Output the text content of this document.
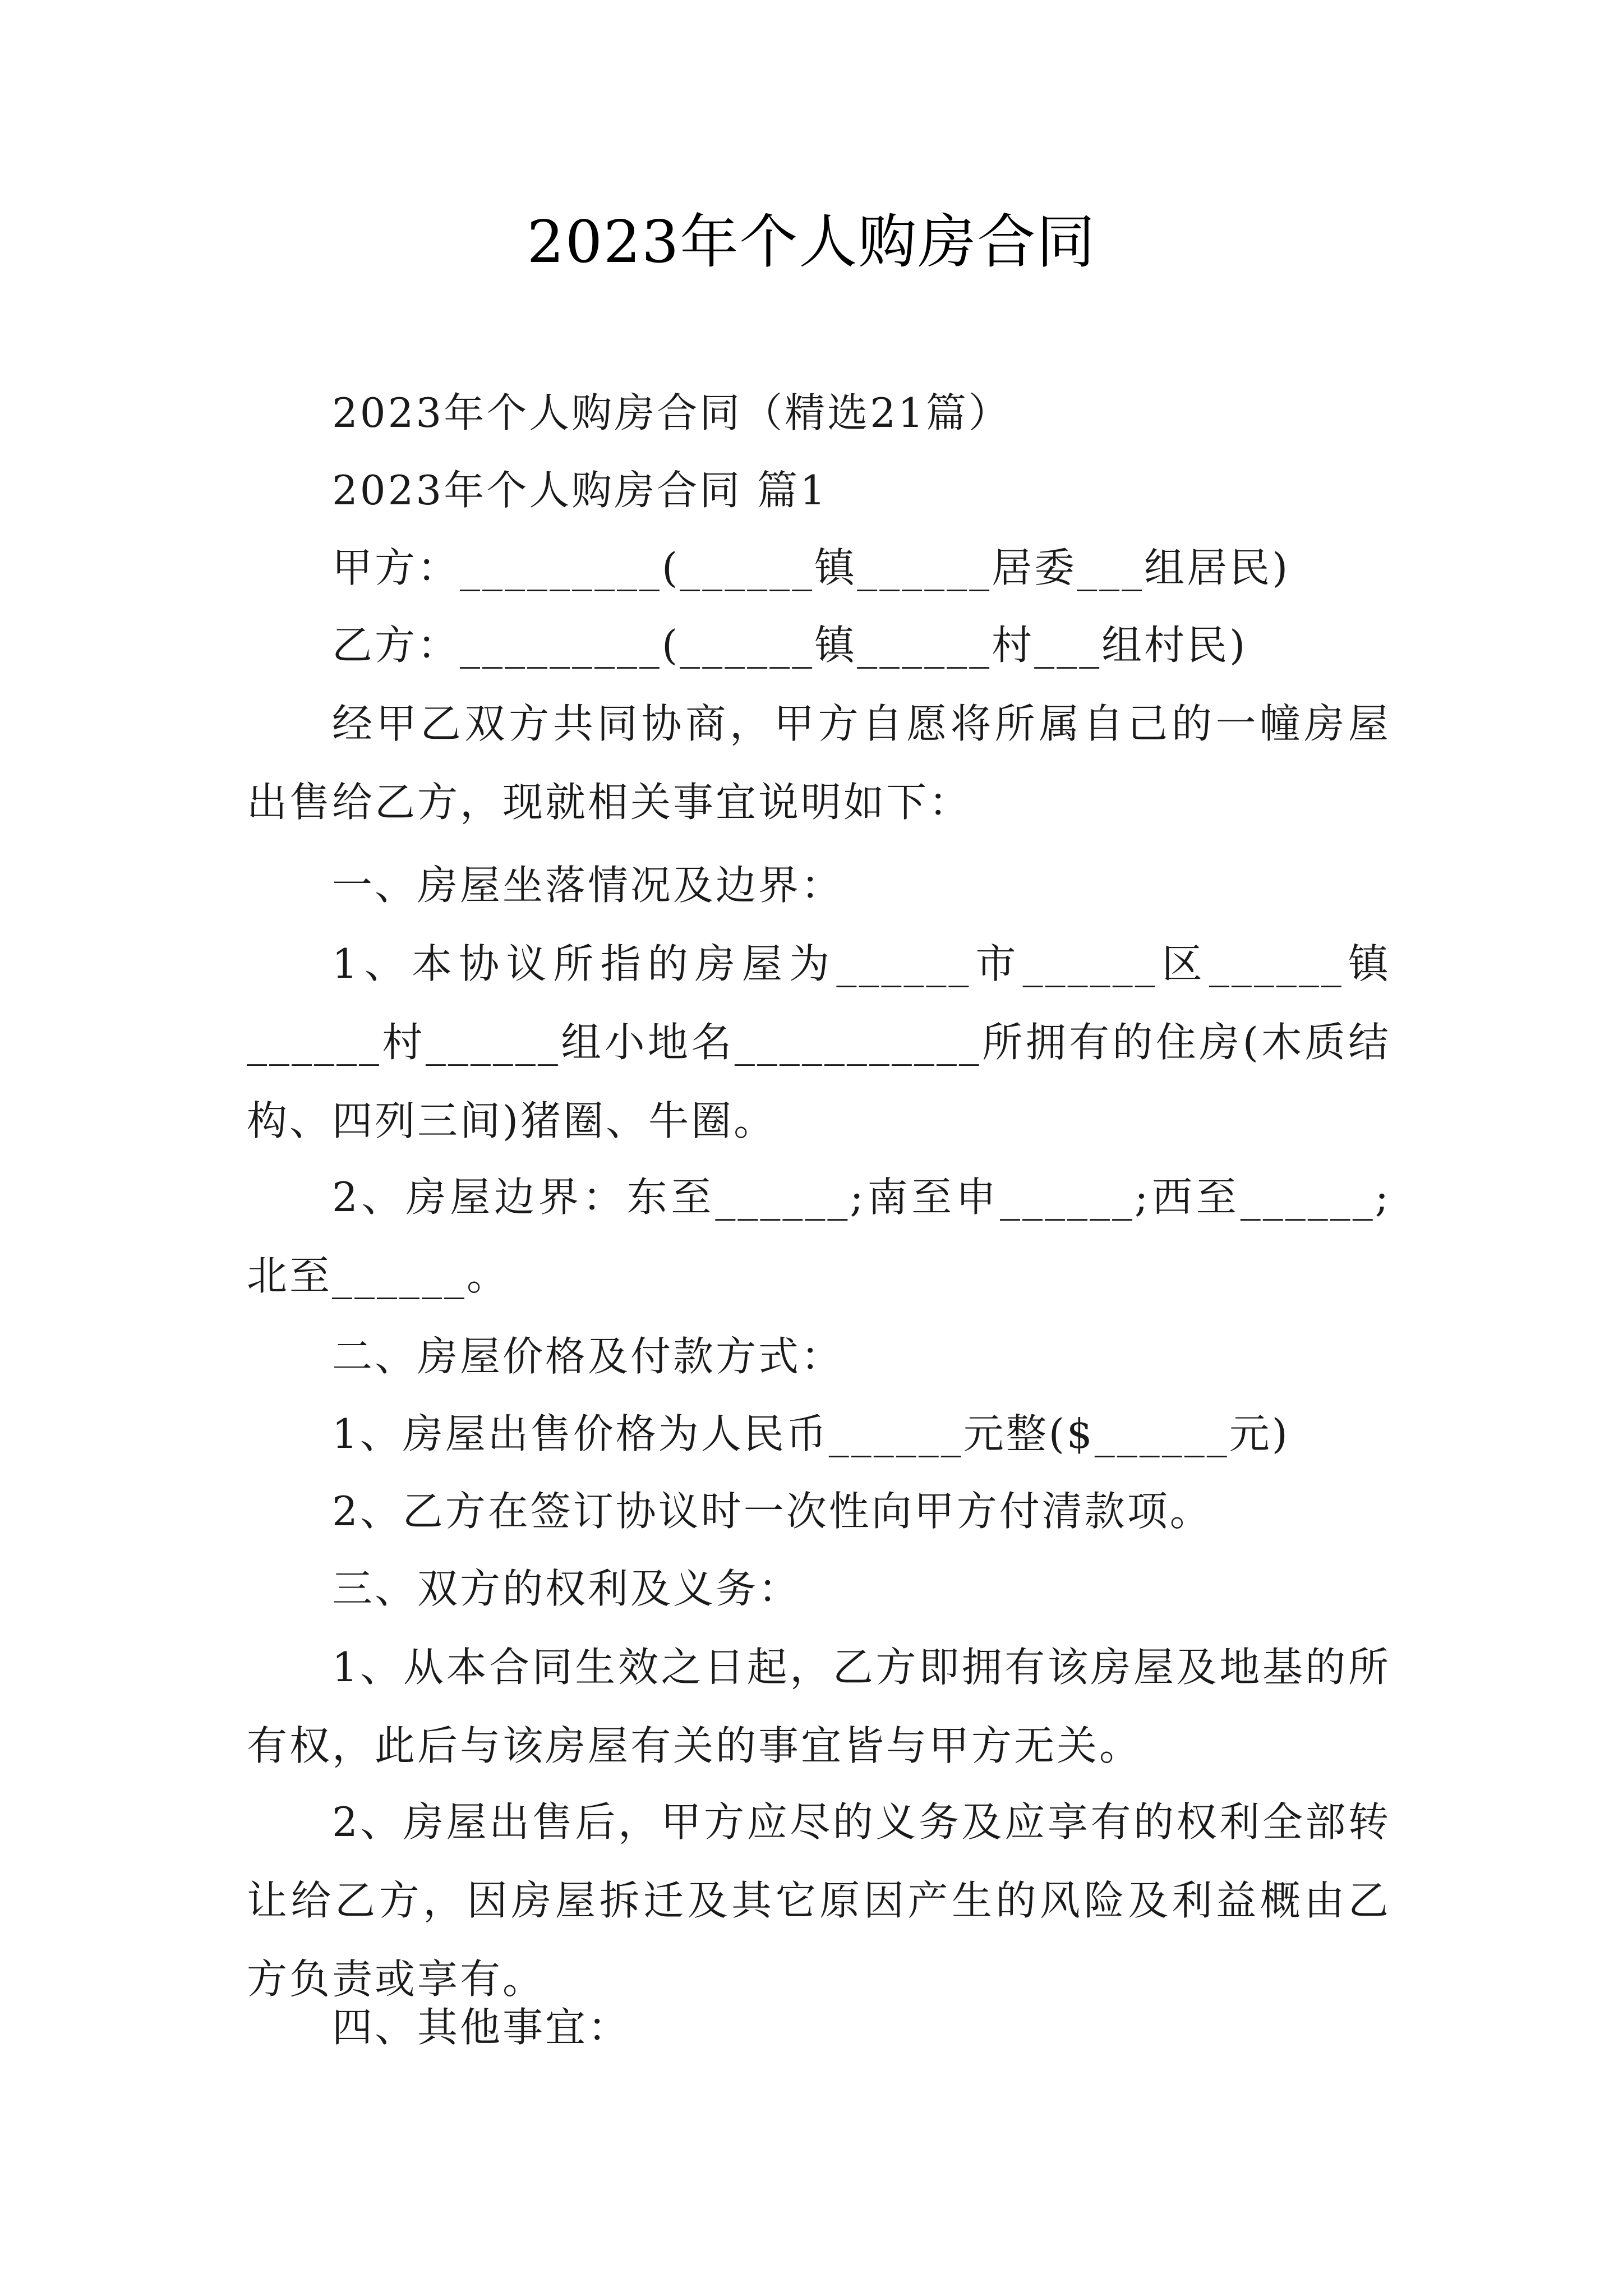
2023年个人购房合同
2023年个人购房合同（精选21篇）
2023年个人购房合同 篇1
甲方：_________(______镇______居委___组居民)
乙方：_________(______镇______村___组村民)
经甲乙双方共同协商，甲方自愿将所属自己的一幢房屋出售给乙方，现就相关事宜说明如下：
一、房屋坐落情况及边界：
1、本协议所指的房屋为______市______区______镇______村______组小地名___________所拥有的住房(木质结构、四列三间)猪圈、牛圈。
2、房屋边界：东至______;南至申______;西至______;北至______。
二、房屋价格及付款方式：
1、房屋出售价格为人民币______元整($______元)
2、乙方在签订协议时一次性向甲方付清款项。
三、双方的权利及义务：
1、从本合同生效之日起，乙方即拥有该房屋及地基的所有权，此后与该房屋有关的事宜皆与甲方无关。
2、房屋出售后，甲方应尽的义务及应享有的权利全部转让给乙方，因房屋拆迁及其它原因产生的风险及利益概由乙方负责或享有。
四、其他事宜：
